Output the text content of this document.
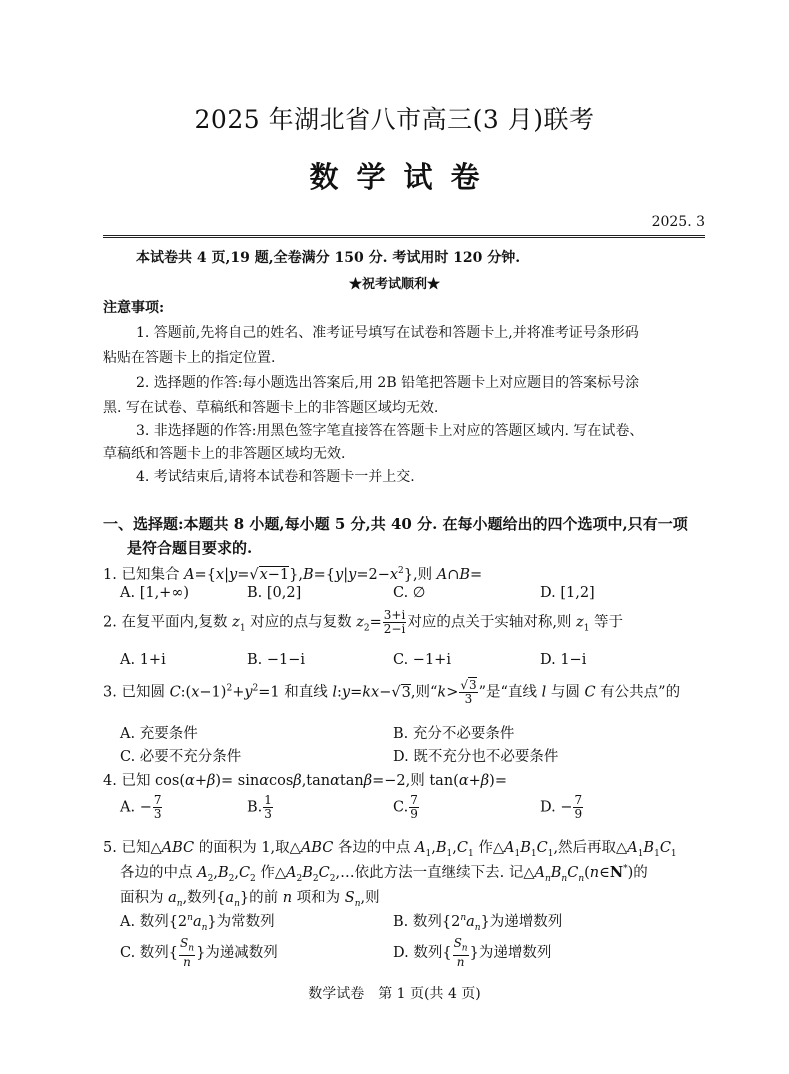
2025 年湖北省八市高三(3 月)联考
数学试卷
2025. 3
本试卷共 4 页,19 题,全卷满分 150 分. 考试用时 120 分钟.
★祝考试顺利★
注意事项:
1. 答题前,先将自己的姓名、准考证号填写在试卷和答题卡上,并将准考证号条形码
粘贴在答题卡上的指定位置.
2. 选择题的作答:每小题选出答案后,用 2B 铅笔把答题卡上对应题目的答案标号涂
黑. 写在试卷、草稿纸和答题卡上的非答题区域均无效.
3. 非选择题的作答:用黑色签字笔直接答在答题卡上对应的答题区域内. 写在试卷、
草稿纸和答题卡上的非答题区域均无效.
4. 考试结束后,请将本试卷和答题卡一并上交.
一、选择题:本题共 8 小题,每小题 5 分,共 40 分. 在每小题给出的四个选项中,只有一项
是符合题目要求的.
1. 已知集合 $A=\{x|y=√x-1\},B=\{y|y=2-x^2\}$,则 A∩B=
A. [1,+∞)	B. [0,2]	C. ∅	D. [1,2]
2. 在复平面内,复数 $z_1$ 对应的点与复数 $z_2= \frac{3+i}{2-i}$ 对应的点关于实轴对称,则 $z_1$ 等于
A. 1+i	B. −1−i	C. −1+i	D. 1−i
3. 已知圆 $C:(x-1)^2+y^2=1$ 和直线 l:y=kx−√3,则“$k> \frac{√3}{3}$ ”是“直线 l 与圆 C 有公共点”的
A. 充要条件	B. 充分不必要条件
C. 必要不充分条件	D. 既不充分也不必要条件
4. 已知 cos(α+β)= sinαcosβ,tanαtanβ=−2,则 tan(α+β)=
A. − $\frac{7}{3}$	B. $\frac{1}{3}$	C. $\frac{7}{9}$	D. − $\frac{7}{9}$
5. 已知△ABC 的面积为 1,取△ABC 各边的中点 $A_1,B_1,C_1$ 作$\triangle A_1B_1C_1$,然后再取$\triangle A_1B_1C_1$
各边的中点 $A_2,B_2,C_2$ 作$\triangle A_2B_2C_2,\dots$依此方法一直继续下去. 记$\triangle A_nB_nC_n(n\in N^*)$的
面积为 $a_n$,数列$\{a_n\}$的前 n 项和为 $S_n$,则
A. 数列$\{2^na_n\}$为常数列	B. 数列$\{2^na_n\}$为递增数列
C. 数列{ $\frac{S_n}{n}$ }为递减数列	D. 数列{ $\frac{S_n}{n}$ }为递增数列
数学试卷　第 1 页(共 4 页)
